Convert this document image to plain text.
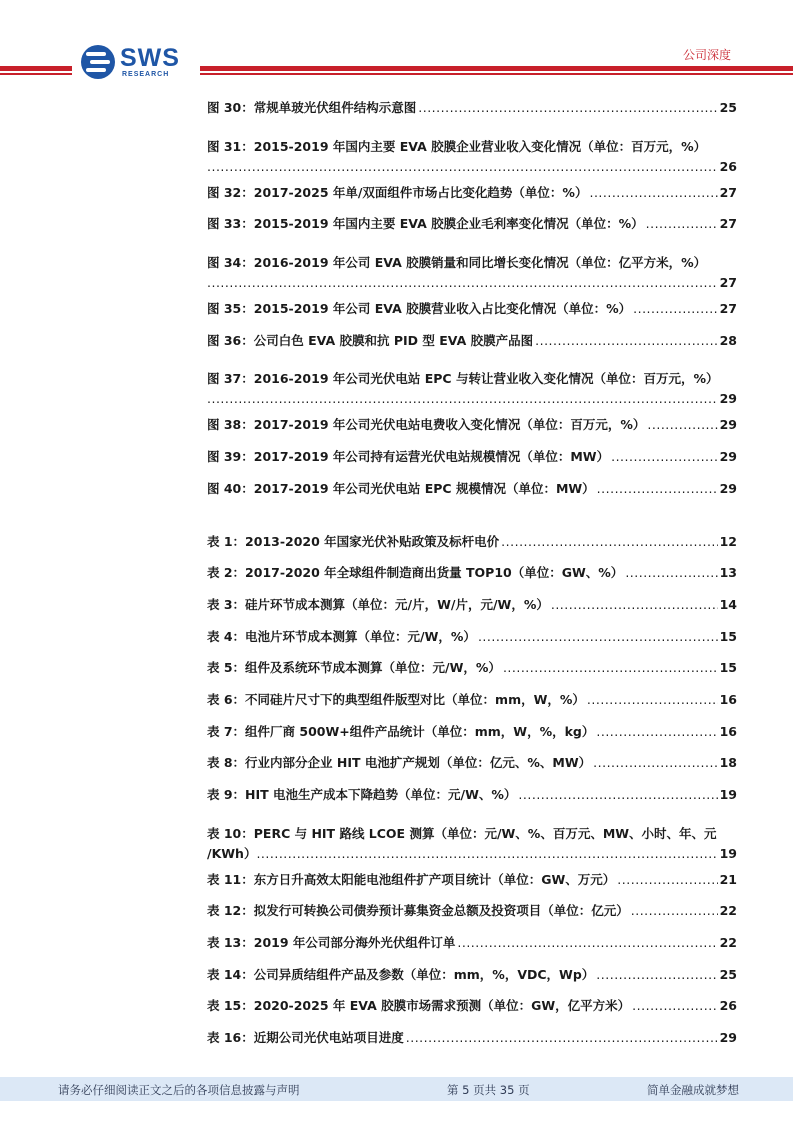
SWS
RESEARCH
公司深度
图 30：常规单玻光伏组件结构示意图 .....	25
图 31：2015-2019 年国内主要 EVA 胶膜企业营业收入变化情况（单位：百万元，%）
.....
26
图 32：2017-2025 年单/双面组件市场占比变化趋势（单位：%） .....	27
图 33：2015-2019 年国内主要 EVA 胶膜企业毛利率变化情况（单位：%） .....	27
图 34：2016-2019 年公司 EVA 胶膜销量和同比增长变化情况（单位：亿平方米，%）
.....
27
图 35：2015-2019 年公司 EVA 胶膜营业收入占比变化情况（单位：%） .....	27
图 36：公司白色 EVA 胶膜和抗 PID 型 EVA 胶膜产品图 .....	28
图 37：2016-2019 年公司光伏电站 EPC 与转让营业收入变化情况（单位：百万元，%）
.....
29
图 38：2017-2019 年公司光伏电站电费收入变化情况（单位：百万元，%） .....	29
图 39：2017-2019 年公司持有运营光伏电站规模情况（单位：MW） .....	29
图 40：2017-2019 年公司光伏电站 EPC 规模情况（单位：MW） .....	29
表 1：2013-2020 年国家光伏补贴政策及标杆电价 .....	12
表 2：2017-2020 年全球组件制造商出货量 TOP10（单位：GW、%） .....	13
表 3：硅片环节成本测算（单位：元/片，W/片，元/W，%） .....	14
表 4：电池片环节成本测算（单位：元/W，%） .....	15
表 5：组件及系统环节成本测算（单位：元/W，%） .....	15
表 6：不同硅片尺寸下的典型组件版型对比（单位：mm，W，%） .....	16
表 7：组件厂商 500W+组件产品统计（单位：mm，W，%，kg） .....	16
表 8：行业内部分企业 HIT 电池扩产规划（单位：亿元、%、MW） .....	18
表 9：HIT 电池生产成本下降趋势（单位：元/W、%） .....	19
表 10：PERC 与 HIT 路线 LCOE 测算（单位：元/W、%、百万元、MW、小时、年、元
/KWh） .....	19
表 11：东方日升高效太阳能电池组件扩产项目统计（单位：GW、万元） .....	21
表 12：拟发行可转换公司债券预计募集资金总额及投资项目（单位：亿元） .....	22
表 13：2019 年公司部分海外光伏组件订单 .....	22
表 14：公司异质结组件产品及参数（单位：mm，%，VDC，Wp） .....	25
表 15：2020-2025 年 EVA 胶膜市场需求预测（单位：GW，亿平方米） .....	26
表 16：近期公司光伏电站项目进度 .....	29
请务必仔细阅读正文之后的各项信息披露与声明	第 5 页共 35 页	简单金融成就梦想
